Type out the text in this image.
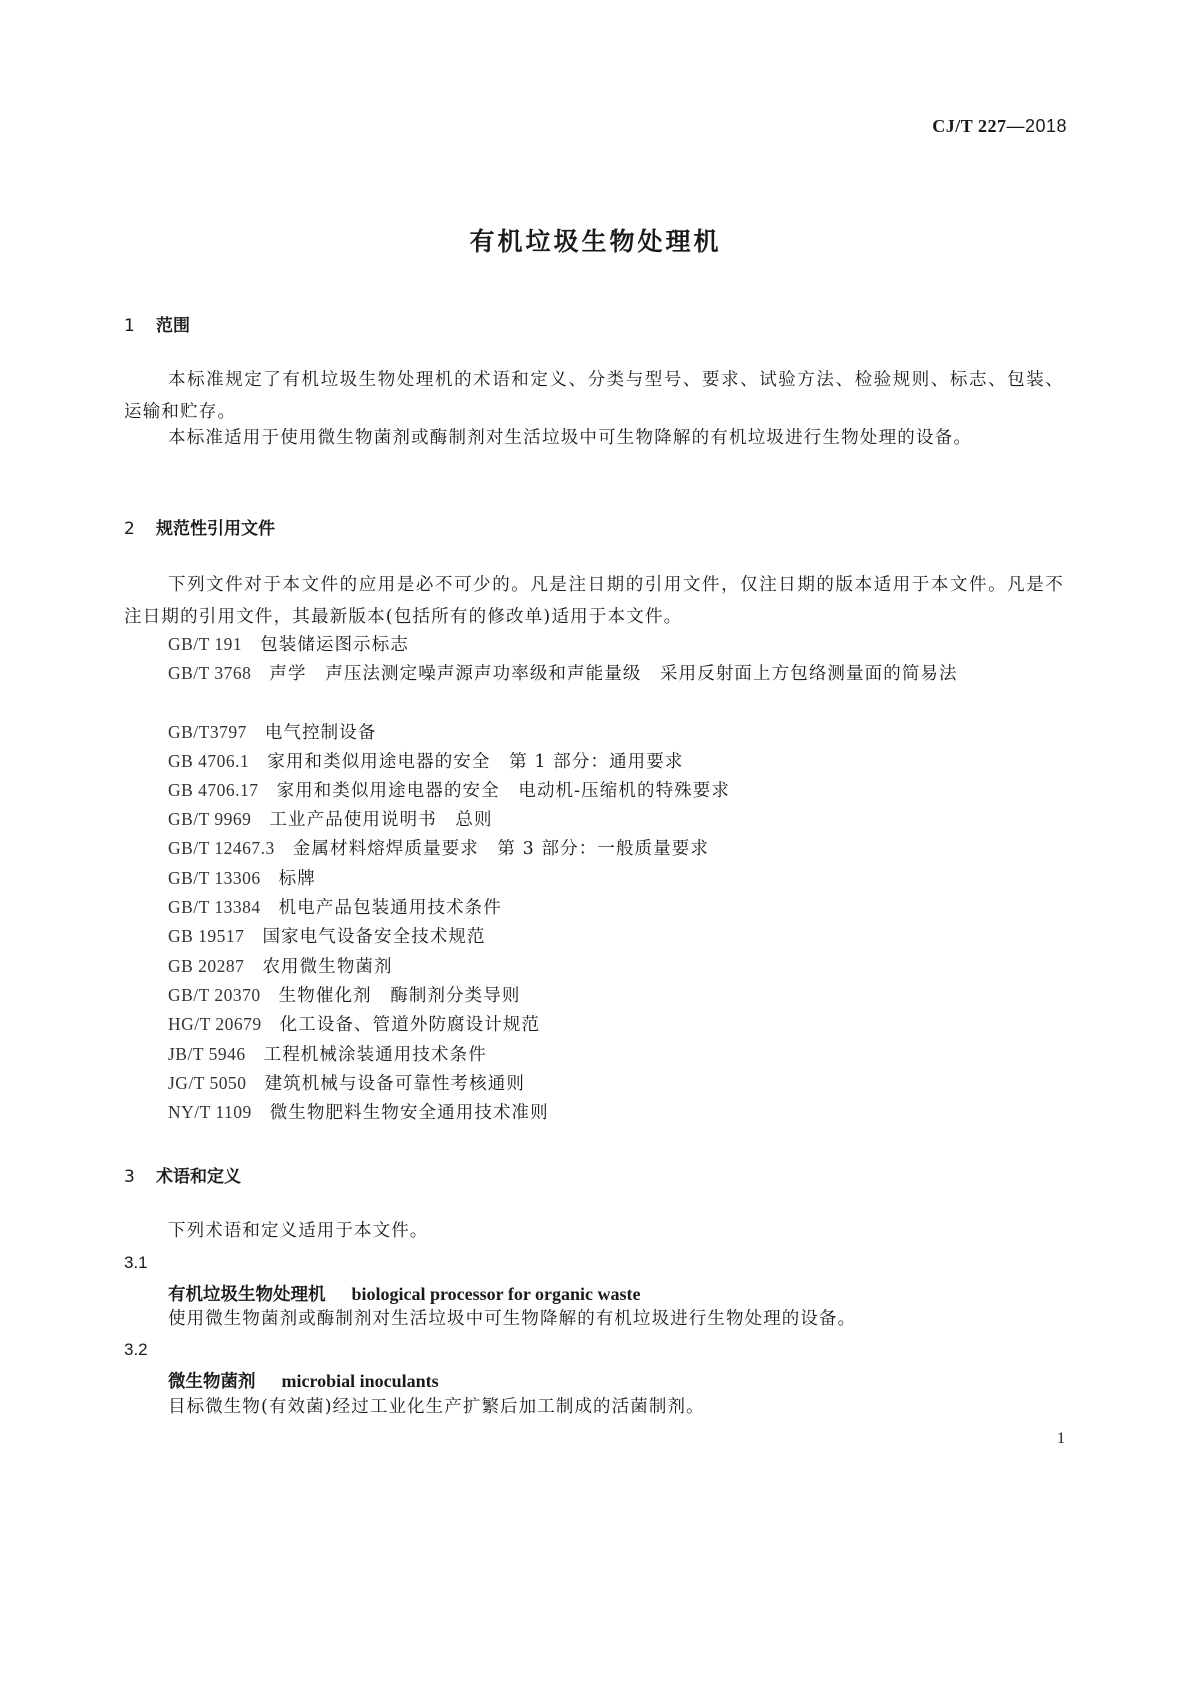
CJ/T 227—2018
有机垃圾生物处理机
1 范围
本标准规定了有机垃圾生物处理机的术语和定义、分类与型号、要求、试验方法、检验规则、标志、包装、运输和贮存。
本标准适用于使用微生物菌剂或酶制剂对生活垃圾中可生物降解的有机垃圾进行生物处理的设备。
2 规范性引用文件
下列文件对于本文件的应用是必不可少的。凡是注日期的引用文件，仅注日期的版本适用于本文件。凡是不注日期的引用文件，其最新版本(包括所有的修改单)适用于本文件。
GB/T 191 包装储运图示标志
GB/T 3768 声学　声压法测定噪声源声功率级和声能量级　采用反射面上方包络测量面的简易法
GB/T3797 电气控制设备
GB 4706.1 家用和类似用途电器的安全　第 1 部分：通用要求
GB 4706.17 家用和类似用途电器的安全　电动机-压缩机的特殊要求
GB/T 9969 工业产品使用说明书　总则
GB/T 12467.3 金属材料熔焊质量要求　第 3 部分：一般质量要求
GB/T 13306 标牌
GB/T 13384 机电产品包装通用技术条件
GB 19517 国家电气设备安全技术规范
GB 20287 农用微生物菌剂
GB/T 20370 生物催化剂　酶制剂分类导则
HG/T 20679 化工设备、管道外防腐设计规范
JB/T 5946 工程机械涂装通用技术条件
JG/T 5050 建筑机械与设备可靠性考核通则
NY/T 1109 微生物肥料生物安全通用技术准则
3 术语和定义
下列术语和定义适用于本文件。
3.1
有机垃圾生物处理机 biological processor for organic waste
使用微生物菌剂或酶制剂对生活垃圾中可生物降解的有机垃圾进行生物处理的设备。
3.2
微生物菌剂 microbial inoculants
目标微生物(有效菌)经过工业化生产扩繁后加工制成的活菌制剂。
1
